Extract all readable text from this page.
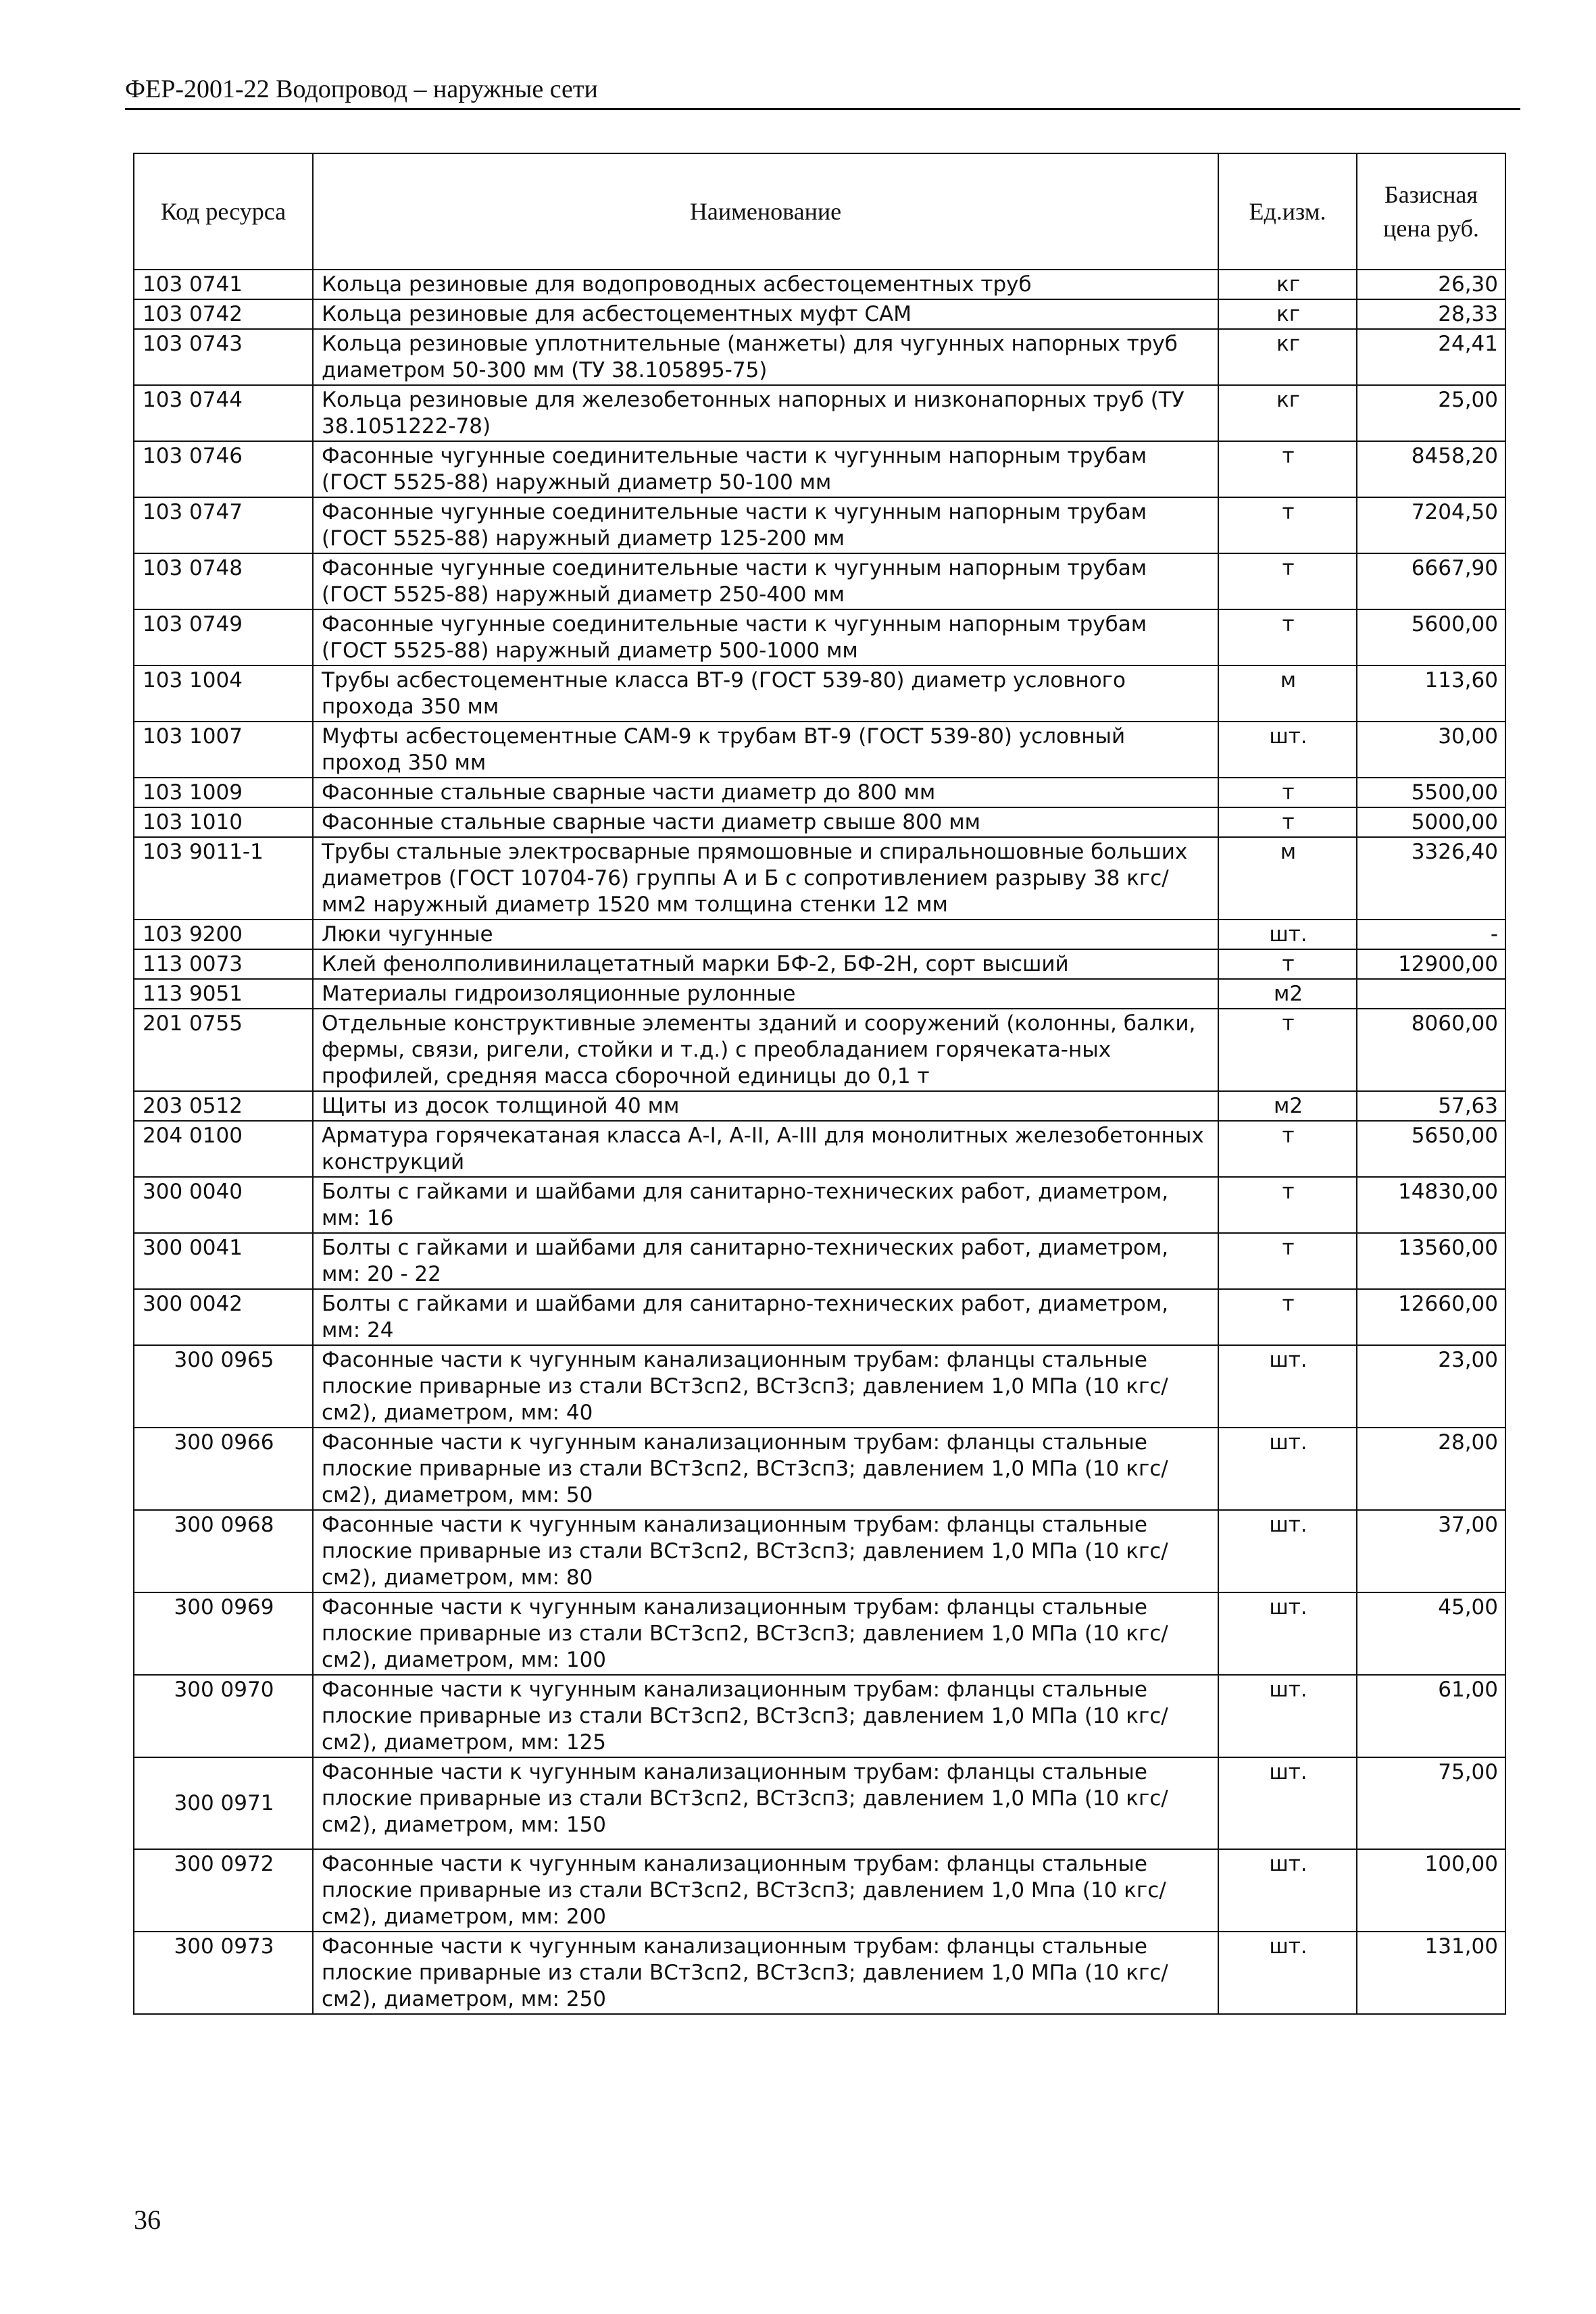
ФЕР-2001-22 Водопровод – наружные сети
Код ресурса	Наименование	Ед.изм.	Базисная цена руб.
103 0741	Кольца резиновые для водопроводных асбестоцементных труб	кг	26,30
103 0742	Кольца резиновые для асбестоцементных муфт САМ	кг	28,33
103 0743	Кольца резиновые уплотнительные (манжеты) для чугунных напорных труб диаметром 50-300 мм (ТУ 38.105895-75)	кг	24,41
103 0744	Кольца резиновые для железобетонных напорных и низконапорных труб (ТУ 38.1051222-78)	кг	25,00
103 0746	Фасонные чугунные соединительные части к чугунным напорным трубам (ГОСТ 5525-88) наружный диаметр 50-100 мм	т	8458,20
103 0747	Фасонные чугунные соединительные части к чугунным напорным трубам (ГОСТ 5525-88) наружный диаметр 125-200 мм	т	7204,50
103 0748	Фасонные чугунные соединительные части к чугунным напорным трубам (ГОСТ 5525-88) наружный диаметр 250-400 мм	т	6667,90
103 0749	Фасонные чугунные соединительные части к чугунным напорным трубам (ГОСТ 5525-88) наружный диаметр 500-1000 мм	т	5600,00
103 1004	Трубы асбестоцементные класса ВТ-9 (ГОСТ 539-80) диаметр условного прохода 350 мм	м	113,60
103 1007	Муфты асбестоцементные САМ-9 к трубам ВТ-9 (ГОСТ 539-80) условный проход 350 мм	шт.	30,00
103 1009	Фасонные стальные сварные части диаметр до 800 мм	т	5500,00
103 1010	Фасонные стальные сварные части диаметр свыше 800 мм	т	5000,00
103 9011-1	Трубы стальные электросварные прямошовные и спиральношовные больших диаметров (ГОСТ 10704-76) группы А и Б с сопротивлением разрыву 38 кгс/мм2 наружный диаметр 1520 мм толщина стенки 12 мм	м	3326,40
103 9200	Люки чугунные	шт.	-
113 0073	Клей фенолполивинилацетатный марки БФ-2, БФ-2Н, сорт высший	т	12900,00
113 9051	Материалы гидроизоляционные рулонные	м2	
201 0755	Отдельные конструктивные элементы зданий и сооружений (колонны, балки, фермы, связи, ригели, стойки и т.д.) с преобладанием горячеката-ных профилей, средняя масса сборочной единицы до 0,1 т	т	8060,00
203 0512	Щиты из досок толщиной 40 мм	м2	57,63
204 0100	Арматура горячекатаная класса А-I, А-II, А-III для монолитных железобетонных конструкций	т	5650,00
300 0040	Болты с гайками и шайбами для санитарно-технических работ, диаметром, мм: 16	т	14830,00
300 0041	Болты с гайками и шайбами для санитарно-технических работ, диаметром, мм: 20 - 22	т	13560,00
300 0042	Болты с гайками и шайбами для санитарно-технических работ, диаметром, мм: 24	т	12660,00
300 0965	Фасонные части к чугунным канализационным трубам: фланцы стальные плоские приварные из стали ВСт3сп2, ВСт3сп3; давлением 1,0 МПа (10 кгс/см2), диаметром, мм: 40	шт.	23,00
300 0966	Фасонные части к чугунным канализационным трубам: фланцы стальные плоские приварные из стали ВСт3сп2, ВСт3сп3; давлением 1,0 МПа (10 кгс/см2), диаметром, мм: 50	шт.	28,00
300 0968	Фасонные части к чугунным канализационным трубам: фланцы стальные плоские приварные из стали ВСт3сп2, ВСт3сп3; давлением 1,0 МПа (10 кгс/см2), диаметром, мм: 80	шт.	37,00
300 0969	Фасонные части к чугунным канализационным трубам: фланцы стальные плоские приварные из стали ВСт3сп2, ВСт3сп3; давлением 1,0 МПа (10 кгс/см2), диаметром, мм: 100	шт.	45,00
300 0970	Фасонные части к чугунным канализационным трубам: фланцы стальные плоские приварные из стали ВСт3сп2, ВСт3сп3; давлением 1,0 МПа (10 кгс/см2), диаметром, мм: 125	шт.	61,00
300 0971	Фасонные части к чугунным канализационным трубам: фланцы стальные плоские приварные из стали ВСт3сп2, ВСт3сп3; давлением 1,0 МПа (10 кгс/см2), диаметром, мм: 150	шт.	75,00
300 0972	Фасонные части к чугунным канализационным трубам: фланцы стальные плоские приварные из стали ВСт3сп2, ВСт3сп3; давлением 1,0 Мпа (10 кгс/см2), диаметром, мм: 200	шт.	100,00
300 0973	Фасонные части к чугунным канализационным трубам: фланцы стальные плоские приварные из стали ВСт3сп2, ВСт3сп3; давлением 1,0 МПа (10 кгс/см2), диаметром, мм: 250	шт.	131,00
36
